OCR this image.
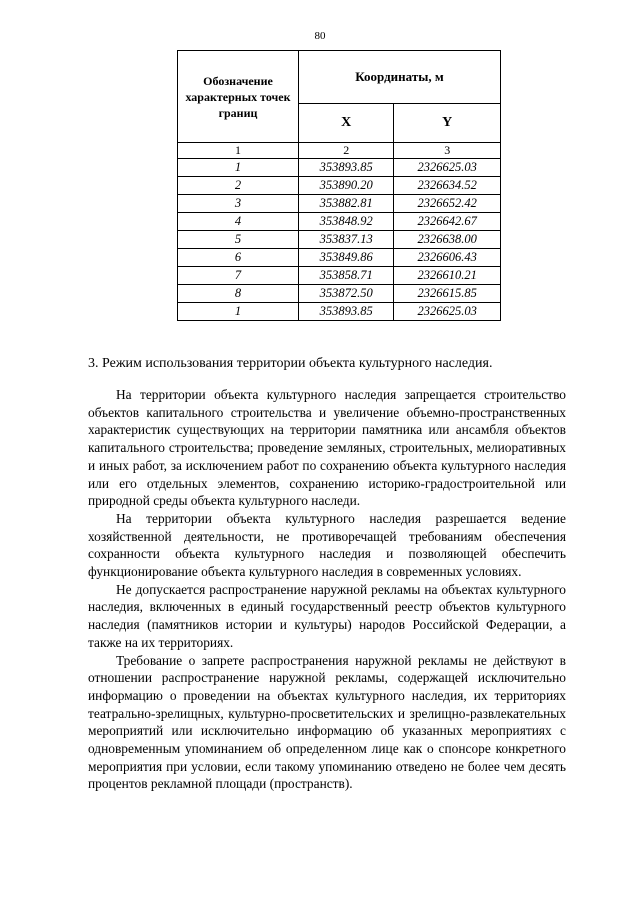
80
Обозначение характерных точек границ	Координаты, м	
	X	Y
1	2	3
1	353893.85	2326625.03
2	353890.20	2326634.52
3	353882.81	2326652.42
4	353848.92	2326642.67
5	353837.13	2326638.00
6	353849.86	2326606.43
7	353858.71	2326610.21
8	353872.50	2326615.85
1	353893.85	2326625.03
3. Режим использования территории объекта культурного наследия.

На территории объекта культурного наследия запрещается строительство объектов капитального строительства и увеличение объемно-пространственных характеристик существующих на территории памятника или ансамбля объектов капитального строительства; проведение земляных, строительных, мелиоративных и иных работ, за исключением работ по сохранению объекта культурного наследия или его отдельных элементов, сохранению историко-градостроительной или природной среды объекта культурного наследи.

На территории объекта культурного наследия разрешается ведение хозяйственной деятельности, не противоречащей требованиям обеспечения сохранности объекта культурного наследия и позволяющей обеспечить функционирование объекта культурного наследия в современных условиях.

Не допускается распространение наружной рекламы на объектах культурного наследия, включенных в единый государственный реестр объектов культурного наследия (памятников истории и культуры) народов Российской Федерации, а также на их территориях.

Требование о запрете распространения наружной рекламы не действуют в отношении распространение наружной рекламы, содержащей исключительно информацию о проведении на объектах культурного наследия, их территориях театрально-зрелищных, культурно-просветительских и зрелищно-развлекательных мероприятий или исключительно информацию об указанных мероприятиях с одновременным упоминанием об определенном лице как о спонсоре конкретного мероприятия при условии, если такому упоминанию отведено не более чем десять процентов рекламной площади (пространств).
